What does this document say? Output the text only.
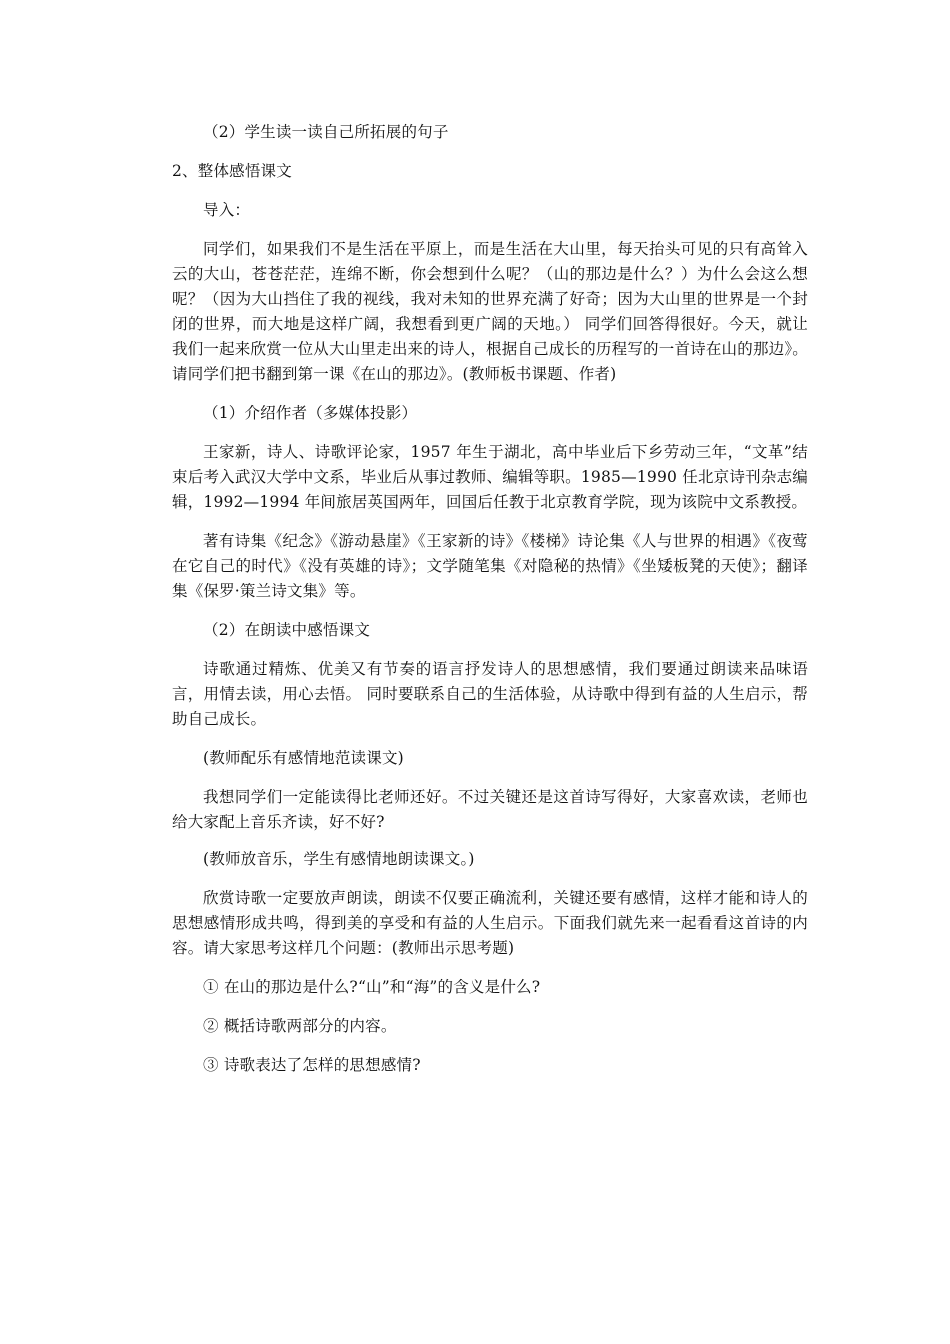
（2）学生读一读自己所拓展的句子

2、整体感悟课文

导入：

同学们，如果我们不是生活在平原上，而是生活在大山里，每天抬头可见的只有高耸入云的大山，苍苍茫茫，连绵不断，你会想到什么呢？（山的那边是什么？）为什么会这么想呢？（因为大山挡住了我的视线，我对未知的世界充满了好奇；因为大山里的世界是一个封闭的世界，而大地是这样广阔，我想看到更广阔的天地。） 同学们回答得很好。今天，就让我们一起来欣赏一位从大山里走出来的诗人，根据自己成长的历程写的一首诗在山的那边》。请同学们把书翻到第一课《在山的那边》。(教师板书课题、作者)

（1）介绍作者（多媒体投影）

王家新，诗人、诗歌评论家，1957 年生于湖北，高中毕业后下乡劳动三年，“文革”结束后考入武汉大学中文系，毕业后从事过教师、编辑等职。1985—1990 任北京诗刊杂志编辑，1992—1994 年间旅居英国两年，回国后任教于北京教育学院，现为该院中文系教授。

著有诗集《纪念》《游动悬崖》《王家新的诗》《楼梯》诗论集《人与世界的相遇》《夜莺在它自己的时代》《没有英雄的诗》；文学随笔集《对隐秘的热情》《坐矮板凳的天使》；翻译集《保罗·策兰诗文集》等。

（2）在朗读中感悟课文

诗歌通过精炼、优美又有节奏的语言抒发诗人的思想感情，我们要通过朗读来品味语言，用情去读，用心去悟。 同时要联系自己的生活体验，从诗歌中得到有益的人生启示，帮助自己成长。

(教师配乐有感情地范读课文)

我想同学们一定能读得比老师还好。不过关键还是这首诗写得好，大家喜欢读，老师也给大家配上音乐齐读，好不好?

(教师放音乐，学生有感情地朗读课文。)

欣赏诗歌一定要放声朗读，朗读不仅要正确流利，关键还要有感情，这样才能和诗人的思想感情形成共鸣，得到美的享受和有益的人生启示。下面我们就先来一起看看这首诗的内容。请大家思考这样几个问题：(教师出示思考题)

① 在山的那边是什么?“山”和“海”的含义是什么?

② 概括诗歌两部分的内容。

③ 诗歌表达了怎样的思想感情?
